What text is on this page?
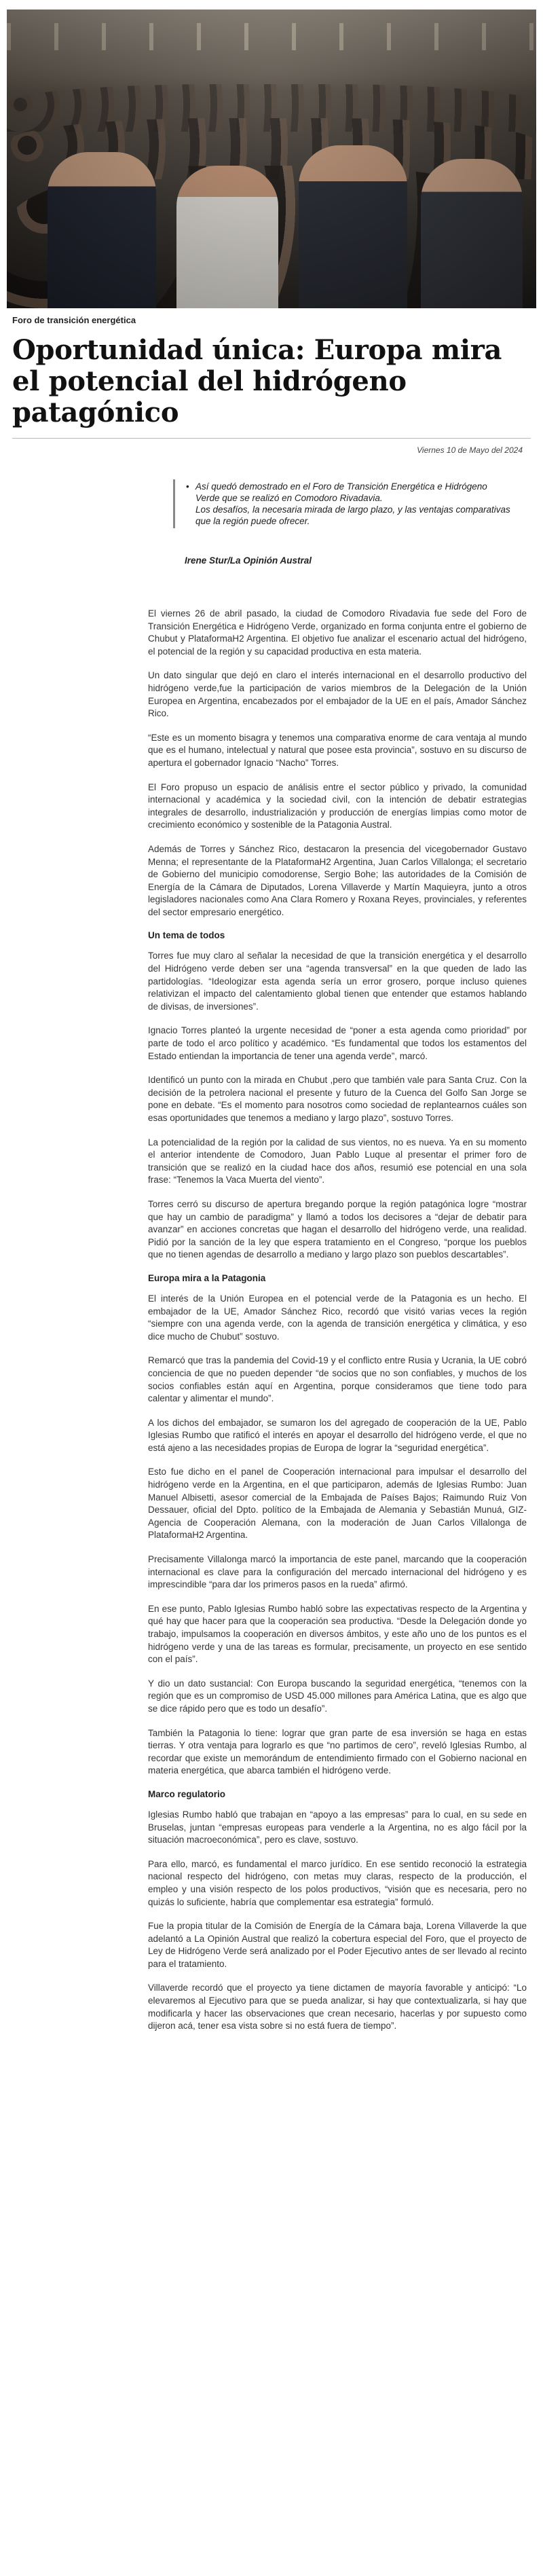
Foro de transición energética
Oportunidad única: Europa mira el potencial del hidrógeno patagónico
Viernes 10 de Mayo del 2024
• Así quedó demostrado en el Foro de Transición Energética e Hidrógeno Verde que se realizó en Comodoro Rivadavia.
Los desafíos, la necesaria mirada de largo plazo, y las ventajas comparativas que la región puede ofrecer.
Irene Stur/La Opinión Austral

El viernes 26 de abril pasado, la ciudad de Comodoro Rivadavia fue sede del Foro de Transición Energética e Hidrógeno Verde, organizado en forma conjunta entre el gobierno de Chubut y PlataformaH2 Argentina. El objetivo fue analizar el escenario actual del hidrógeno, el potencial de la región y su capacidad productiva en esta materia.

Un dato singular que dejó en claro el interés internacional en el desarrollo productivo del hidrógeno verde,fue la participación de varios miembros de la Delegación de la Unión Europea en Argentina, encabezados por el embajador de la UE en el país, Amador Sánchez Rico.

“Este es un momento bisagra y tenemos una comparativa enorme de cara ventaja al mundo que es el humano, intelectual y natural que posee esta provincia”, sostuvo en su discurso de apertura el gobernador Ignacio “Nacho” Torres.

El Foro propuso un espacio de análisis entre el sector público y privado, la comunidad internacional y académica y la sociedad civil, con la intención de debatir estrategias integrales de desarrollo, industrialización y producción de energías limpias como motor de crecimiento económico y sostenible de la Patagonia Austral.

Además de Torres y Sánchez Rico, destacaron la presencia del vicegobernador Gustavo Menna; el representante de la PlataformaH2 Argentina, Juan Carlos Villalonga; el secretario de Gobierno del municipio comodorense, Sergio Bohe; las autoridades de la Comisión de Energía de la Cámara de Diputados, Lorena Villaverde y Martín Maquieyra, junto a otros legisladores nacionales como Ana Clara Romero y Roxana Reyes, provinciales, y referentes del sector empresario energético.

Un tema de todos

Torres fue muy claro al señalar la necesidad de que la transición energética y el desarrollo del Hidrógeno verde deben ser una “agenda transversal” en la que queden de lado las partidologías. “Ideologizar esta agenda sería un error grosero, porque incluso quienes relativizan el impacto del calentamiento global tienen que entender que estamos hablando de divisas, de inversiones”.

Ignacio Torres planteó la urgente necesidad de “poner a esta agenda como prioridad” por parte de todo el arco político y académico. “Es fundamental que todos los estamentos del Estado entiendan la importancia de tener una agenda verde”, marcó.

Identificó un punto con la mirada en Chubut ,pero que también vale para Santa Cruz. Con la decisión de la petrolera nacional el presente y futuro de la Cuenca del Golfo San Jorge se pone en debate. “Es el momento para nosotros como sociedad de replantearnos cuáles son esas oportunidades que tenemos a mediano y largo plazo”, sostuvo Torres.

La potencialidad de la región por la calidad de sus vientos, no es nueva. Ya en su momento el anterior intendente de Comodoro, Juan Pablo Luque al presentar el primer foro de transición que se realizó en la ciudad hace dos años, resumió ese potencial en una sola frase: “Tenemos la Vaca Muerta del viento”.

Torres cerró su discurso de apertura bregando porque la región patagónica logre “mostrar que hay un cambio de paradigma” y llamó a todos los decisores a “dejar de debatir para avanzar” en acciones concretas que hagan el desarrollo del hidrógeno verde, una realidad. Pidió por la sanción de la ley que espera tratamiento en el Congreso, “porque los pueblos que no tienen agendas de desarrollo a mediano y largo plazo son pueblos descartables”.

Europa mira a la Patagonia

El interés de la Unión Europea en el potencial verde de la Patagonia es un hecho. El embajador de la UE, Amador Sánchez Rico, recordó que visitó varias veces la región “siempre con una agenda verde, con la agenda de transición energética y climática, y eso dice mucho de Chubut” sostuvo.

Remarcó que tras la pandemia del Covid-19 y el conflicto entre Rusia y Ucrania, la UE cobró conciencia de que no pueden depender “de socios que no son confiables, y muchos de los socios confiables están aquí en Argentina, porque consideramos que tiene todo para calentar y alimentar el mundo”.

A los dichos del embajador, se sumaron los del agregado de cooperación de la UE, Pablo Iglesias Rumbo que ratificó el interés en apoyar el desarrollo del hidrógeno verde, el que no está ajeno a las necesidades propias de Europa de lograr la “seguridad energética”.

Esto fue dicho en el panel de Cooperación internacional para impulsar el desarrollo del hidrógeno verde en la Argentina, en el que participaron, además de Iglesias Rumbo: Juan Manuel Albisetti, asesor comercial de la Embajada de Países Bajos; Raimundo Ruiz Von Dessauer, oficial del Dpto. político de la Embajada de Alemania y Sebastián Munuá, GIZ-Agencia de Cooperación Alemana, con la moderación de Juan Carlos Villalonga de PlataformaH2 Argentina.

Precisamente Villalonga marcó la importancia de este panel, marcando que la cooperación internacional es clave para la configuración del mercado internacional del hidrógeno y es imprescindible “para dar los primeros pasos en la rueda” afirmó.

En ese punto, Pablo Iglesias Rumbo habló sobre las expectativas respecto de la Argentina y qué hay que hacer para que la cooperación sea productiva. “Desde la Delegación donde yo trabajo, impulsamos la cooperación en diversos ámbitos, y este año uno de los puntos es el hidrógeno verde y una de las tareas es formular, precisamente, un proyecto en ese sentido con el país”.

Y dio un dato sustancial: Con Europa buscando la seguridad energética, “tenemos con la región que es un compromiso de USD 45.000 millones para América Latina, que es algo que se dice rápido pero que es todo un desafío”.

También la Patagonia lo tiene: lograr que gran parte de esa inversión se haga en estas tierras. Y otra ventaja para lograrlo es que “no partimos de cero”, reveló Iglesias Rumbo, al recordar que existe un memorándum de entendimiento firmado con el Gobierno nacional en materia energética, que abarca también el hidrógeno verde.

Marco regulatorio

Iglesias Rumbo habló que trabajan en “apoyo a las empresas” para lo cual, en su sede en Bruselas, juntan “empresas europeas para venderle a la Argentina, no es algo fácil por la situación macroeconómica”, pero es clave, sostuvo.

Para ello, marcó, es fundamental el marco jurídico. En ese sentido reconoció la estrategia nacional respecto del hidrógeno, con metas muy claras, respecto de la producción, el empleo y una visión respecto de los polos productivos, “visión que es necesaria, pero no quizás lo suficiente, habría que complementar esa estrategia” formuló.

Fue la propia titular de la Comisión de Energía de la Cámara baja, Lorena Villaverde la que adelantó a La Opinión Austral que realizó la cobertura especial del Foro, que el proyecto de Ley de Hidrógeno Verde será analizado por el Poder Ejecutivo antes de ser llevado al recinto para el tratamiento.

Villaverde recordó que el proyecto ya tiene dictamen de mayoría favorable y anticipó: “Lo elevaremos al Ejecutivo para que se pueda analizar, si hay que contextualizarla, si hay que modificarla y hacer las observaciones que crean necesario, hacerlas y por supuesto como dijeron acá, tener esa vista sobre si no está fuera de tiempo”.
